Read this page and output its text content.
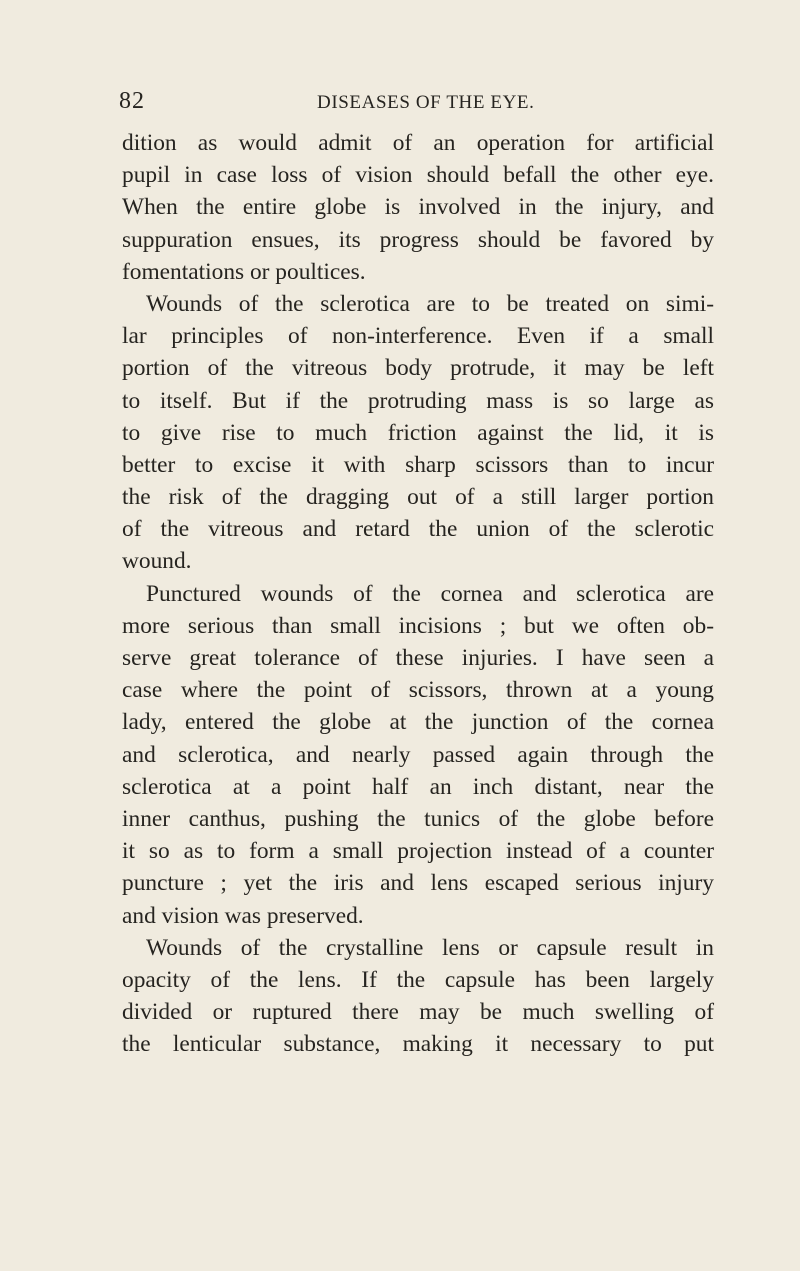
82	DISEASES OF THE EYE.
dition as would admit of an operation for artificial
pupil in case loss of vision should befall the other eye.
When the entire globe is involved in the injury, and
suppuration ensues, its progress should be favored by
fomentations or poultices.
Wounds of the sclerotica are to be treated on simi-
lar principles of non-interference. Even if a small
portion of the vitreous body protrude, it may be left
to itself. But if the protruding mass is so large as
to give rise to much friction against the lid, it is
better to excise it with sharp scissors than to incur
the risk of the dragging out of a still larger portion
of the vitreous and retard the union of the sclerotic
wound.
Punctured wounds of the cornea and sclerotica are
more serious than small incisions ; but we often ob-
serve great tolerance of these injuries. I have seen a
case where the point of scissors, thrown at a young
lady, entered the globe at the junction of the cornea
and sclerotica, and nearly passed again through the
sclerotica at a point half an inch distant, near the
inner canthus, pushing the tunics of the globe before
it so as to form a small projection instead of a counter
puncture ; yet the iris and lens escaped serious injury
and vision was preserved.
Wounds of the crystalline lens or capsule result in
opacity of the lens. If the capsule has been largely
divided or ruptured there may be much swelling of
the lenticular substance, making it necessary to put
